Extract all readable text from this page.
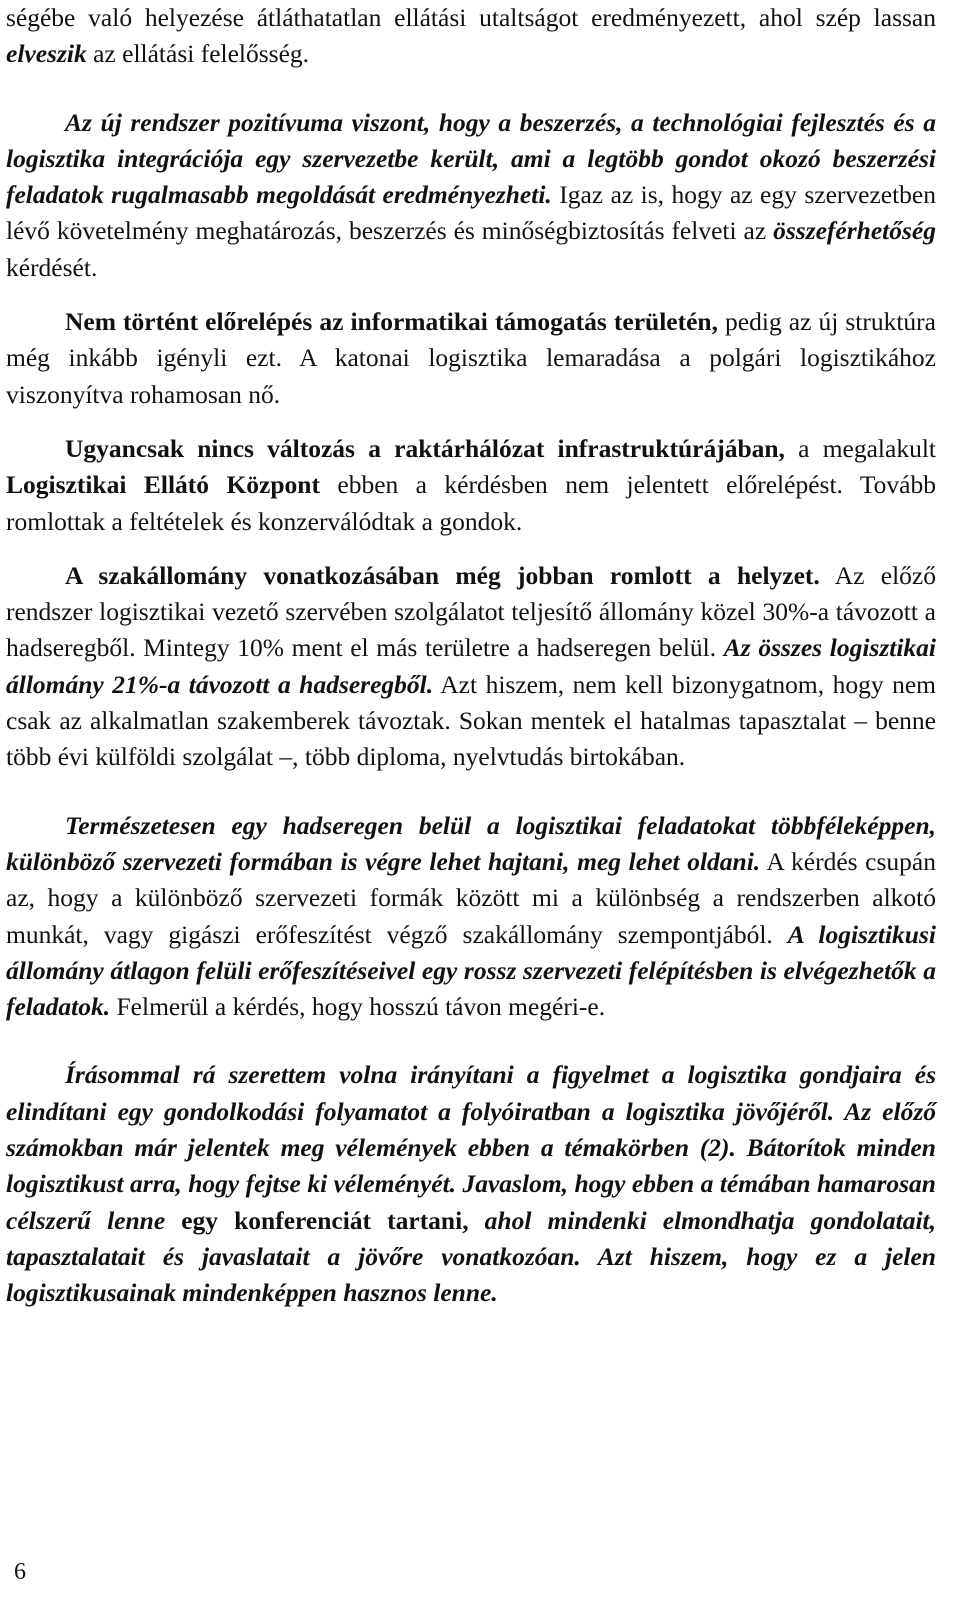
ségébe való helyezése átláthatatlan ellátási utaltságot eredményezett, ahol szép lassan elveszik az ellátási felelősség.

Az új rendszer pozitívuma viszont, hogy a beszerzés, a technológiai fejlesztés és a logisztika integrációja egy szervezetbe került, ami a legtöbb gondot okozó beszerzési feladatok rugalmasabb megoldását eredményezheti. Igaz az is, hogy az egy szervezetben lévő követelmény meghatározás, beszerzés és minőségbiztosítás felveti az összeférhetőség kérdését.

Nem történt előrelépés az informatikai támogatás területén, pedig az új struktúra még inkább igényli ezt. A katonai logisztika lemaradása a polgári logisztikához viszonyítva rohamosan nő.

Ugyancsak nincs változás a raktárhálózat infrastruktúrájában, a megalakult Logisztikai Ellátó Központ ebben a kérdésben nem jelentett előrelépést. Tovább romlottak a feltételek és konzerválódtak a gondok.

A szakállomány vonatkozásában még jobban romlott a helyzet. Az előző rendszer logisztikai vezető szervében szolgálatot teljesítő állomány közel 30%-a távozott a hadseregből. Mintegy 10% ment el más területre a hadseregen belül. Az összes logisztikai állomány 21%-a távozott a hadseregből. Azt hiszem, nem kell bizonygatnom, hogy nem csak az alkalmatlan szakemberek távoztak. Sokan mentek el hatalmas tapasztalat – benne több évi külföldi szolgálat –, több diploma, nyelvtudás birtokában.

Természetesen egy hadseregen belül a logisztikai feladatokat többféleképpen, különböző szervezeti formában is végre lehet hajtani, meg lehet oldani. A kérdés csupán az, hogy a különböző szervezeti formák között mi a különbség a rendszerben alkotó munkát, vagy gigászi erőfeszítést végző szakállomány szempontjából. A logisztikusi állomány átlagon felüli erőfeszítéseivel egy rossz szervezeti felépítésben is elvégezhetők a feladatok. Felmerül a kérdés, hogy hosszú távon megéri-e.

Írásommal rá szerettem volna irányítani a figyelmet a logisztika gondjaira és elindítani egy gondolkodási folyamatot a folyóiratban a logisztika jövőjéről. Az előző számokban már jelentek meg vélemények ebben a témakörben (2). Bátorítok minden logisztikust arra, hogy fejtse ki véleményét. Javaslom, hogy ebben a témában hamarosan célszerű lenne egy konferenciát tartani, ahol mindenki elmondhatja gondolatait, tapasztalatait és javaslatait a jövőre vonatkozóan. Azt hiszem, hogy ez a jelen logisztikusainak mindenképpen hasznos lenne.

6
